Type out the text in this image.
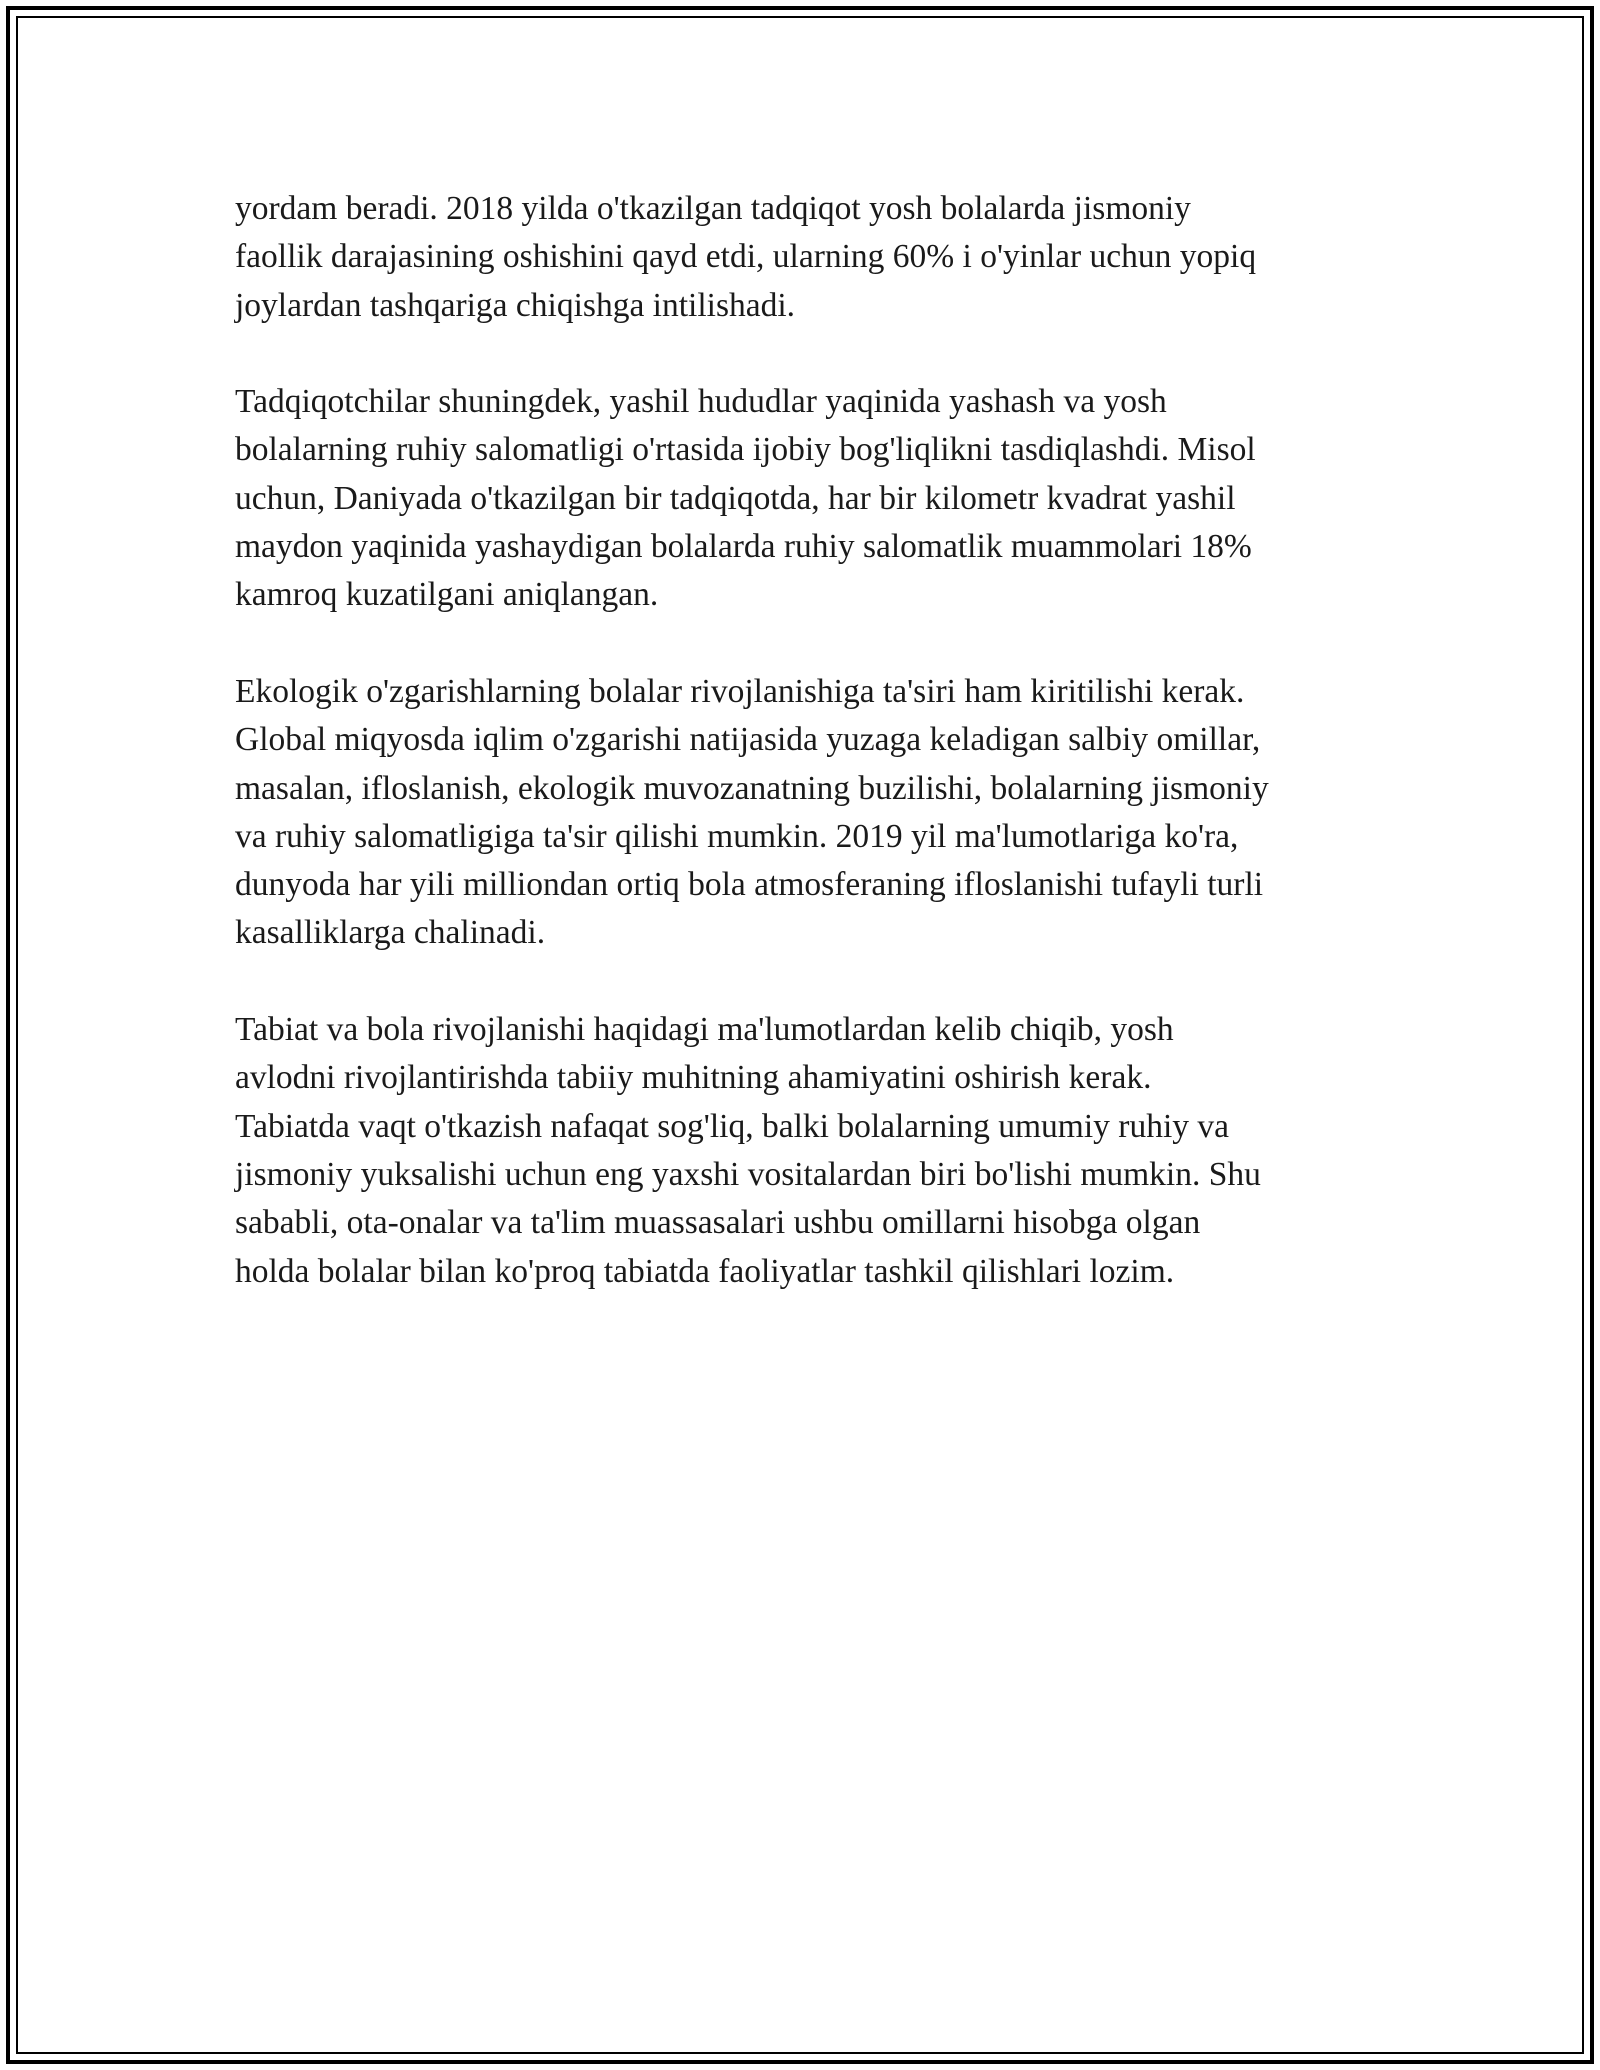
yordam beradi. 2018 yilda o'tkazilgan tadqiqot yosh bolalarda jismoniy
faollik darajasining oshishini qayd etdi, ularning 60% i o'yinlar uchun yopiq
joylardan tashqariga chiqishga intilishadi.

Tadqiqotchilar shuningdek, yashil hududlar yaqinida yashash va yosh
bolalarning ruhiy salomatligi o'rtasida ijobiy bog'liqlikni tasdiqlashdi. Misol
uchun, Daniyada o'tkazilgan bir tadqiqotda, har bir kilometr kvadrat yashil
maydon yaqinida yashaydigan bolalarda ruhiy salomatlik muammolari 18%
kamroq kuzatilgani aniqlangan.

Ekologik o'zgarishlarning bolalar rivojlanishiga ta'siri ham kiritilishi kerak.
Global miqyosda iqlim o'zgarishi natijasida yuzaga keladigan salbiy omillar,
masalan, ifloslanish, ekologik muvozanatning buzilishi, bolalarning jismoniy
va ruhiy salomatligiga ta'sir qilishi mumkin. 2019 yil ma'lumotlariga ko'ra,
dunyoda har yili milliondan ortiq bola atmosferaning ifloslanishi tufayli turli
kasalliklarga chalinadi.

Tabiat va bola rivojlanishi haqidagi ma'lumotlardan kelib chiqib, yosh
avlodni rivojlantirishda tabiiy muhitning ahamiyatini oshirish kerak.
Tabiatda vaqt o'tkazish nafaqat sog'liq, balki bolalarning umumiy ruhiy va
jismoniy yuksalishi uchun eng yaxshi vositalardan biri bo'lishi mumkin. Shu
sababli, ota-onalar va ta'lim muassasalari ushbu omillarni hisobga olgan
holda bolalar bilan ko'proq tabiatda faoliyatlar tashkil qilishlari lozim.
